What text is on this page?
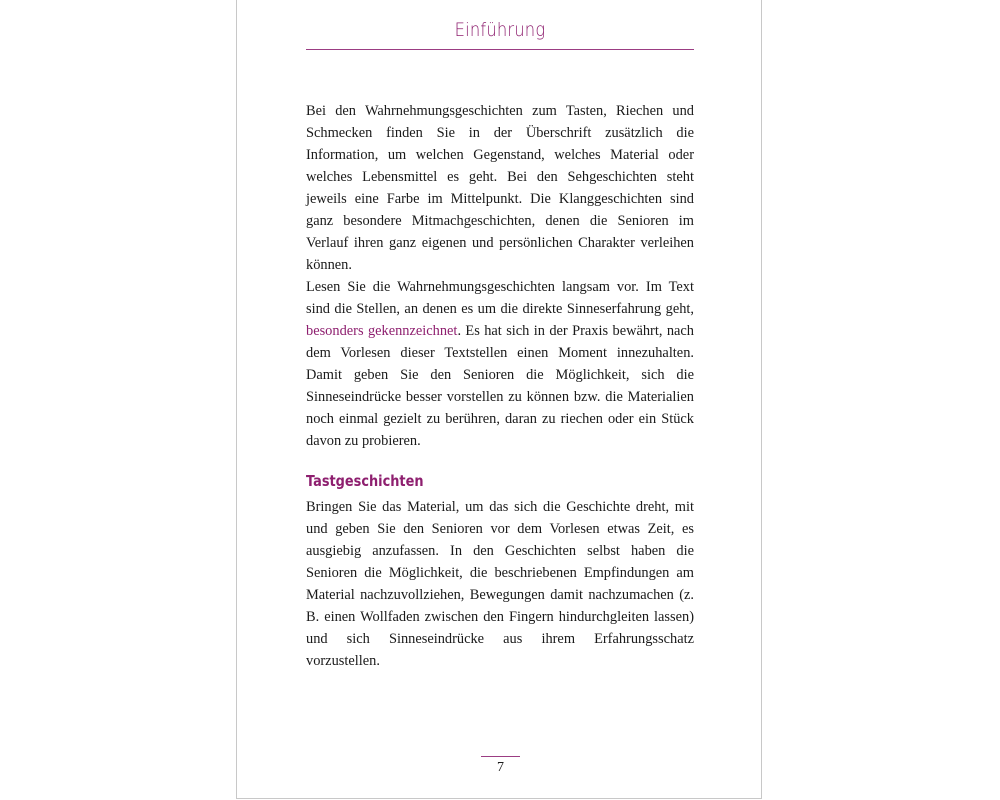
Einführung

Bei den Wahrnehmungsgeschichten zum Tasten, Riechen und Schmecken finden Sie in der Überschrift zusätzlich die Information, um welchen Gegenstand, welches Material oder welches Lebensmittel es geht. Bei den Sehgeschichten steht jeweils eine Farbe im Mittelpunkt. Die Klanggeschichten sind ganz besondere Mitmachgeschichten, denen die Senioren im Verlauf ihren ganz eigenen und persönlichen Charakter verleihen können.

Lesen Sie die Wahrnehmungsgeschichten langsam vor. Im Text sind die Stellen, an denen es um die direkte Sinneserfahrung geht, besonders gekennzeichnet. Es hat sich in der Praxis bewährt, nach dem Vorlesen dieser Textstellen einen Moment innezuhalten. Damit geben Sie den Senioren die Möglichkeit, sich die Sinneseindrücke besser vorstellen zu können bzw. die Materialien noch einmal gezielt zu berühren, daran zu riechen oder ein Stück davon zu probieren.

Tastgeschichten

Bringen Sie das Material, um das sich die Geschichte dreht, mit und geben Sie den Senioren vor dem Vorlesen etwas Zeit, es ausgiebig anzufassen. In den Geschichten selbst haben die Senioren die Möglichkeit, die beschriebenen Empfindungen am Material nachzuvollziehen, Bewegungen damit nachzumachen (z. B. einen Wollfaden zwischen den Fingern hindurchgleiten lassen) und sich Sinneseindrücke aus ihrem Erfahrungsschatz vorzustellen.

7
